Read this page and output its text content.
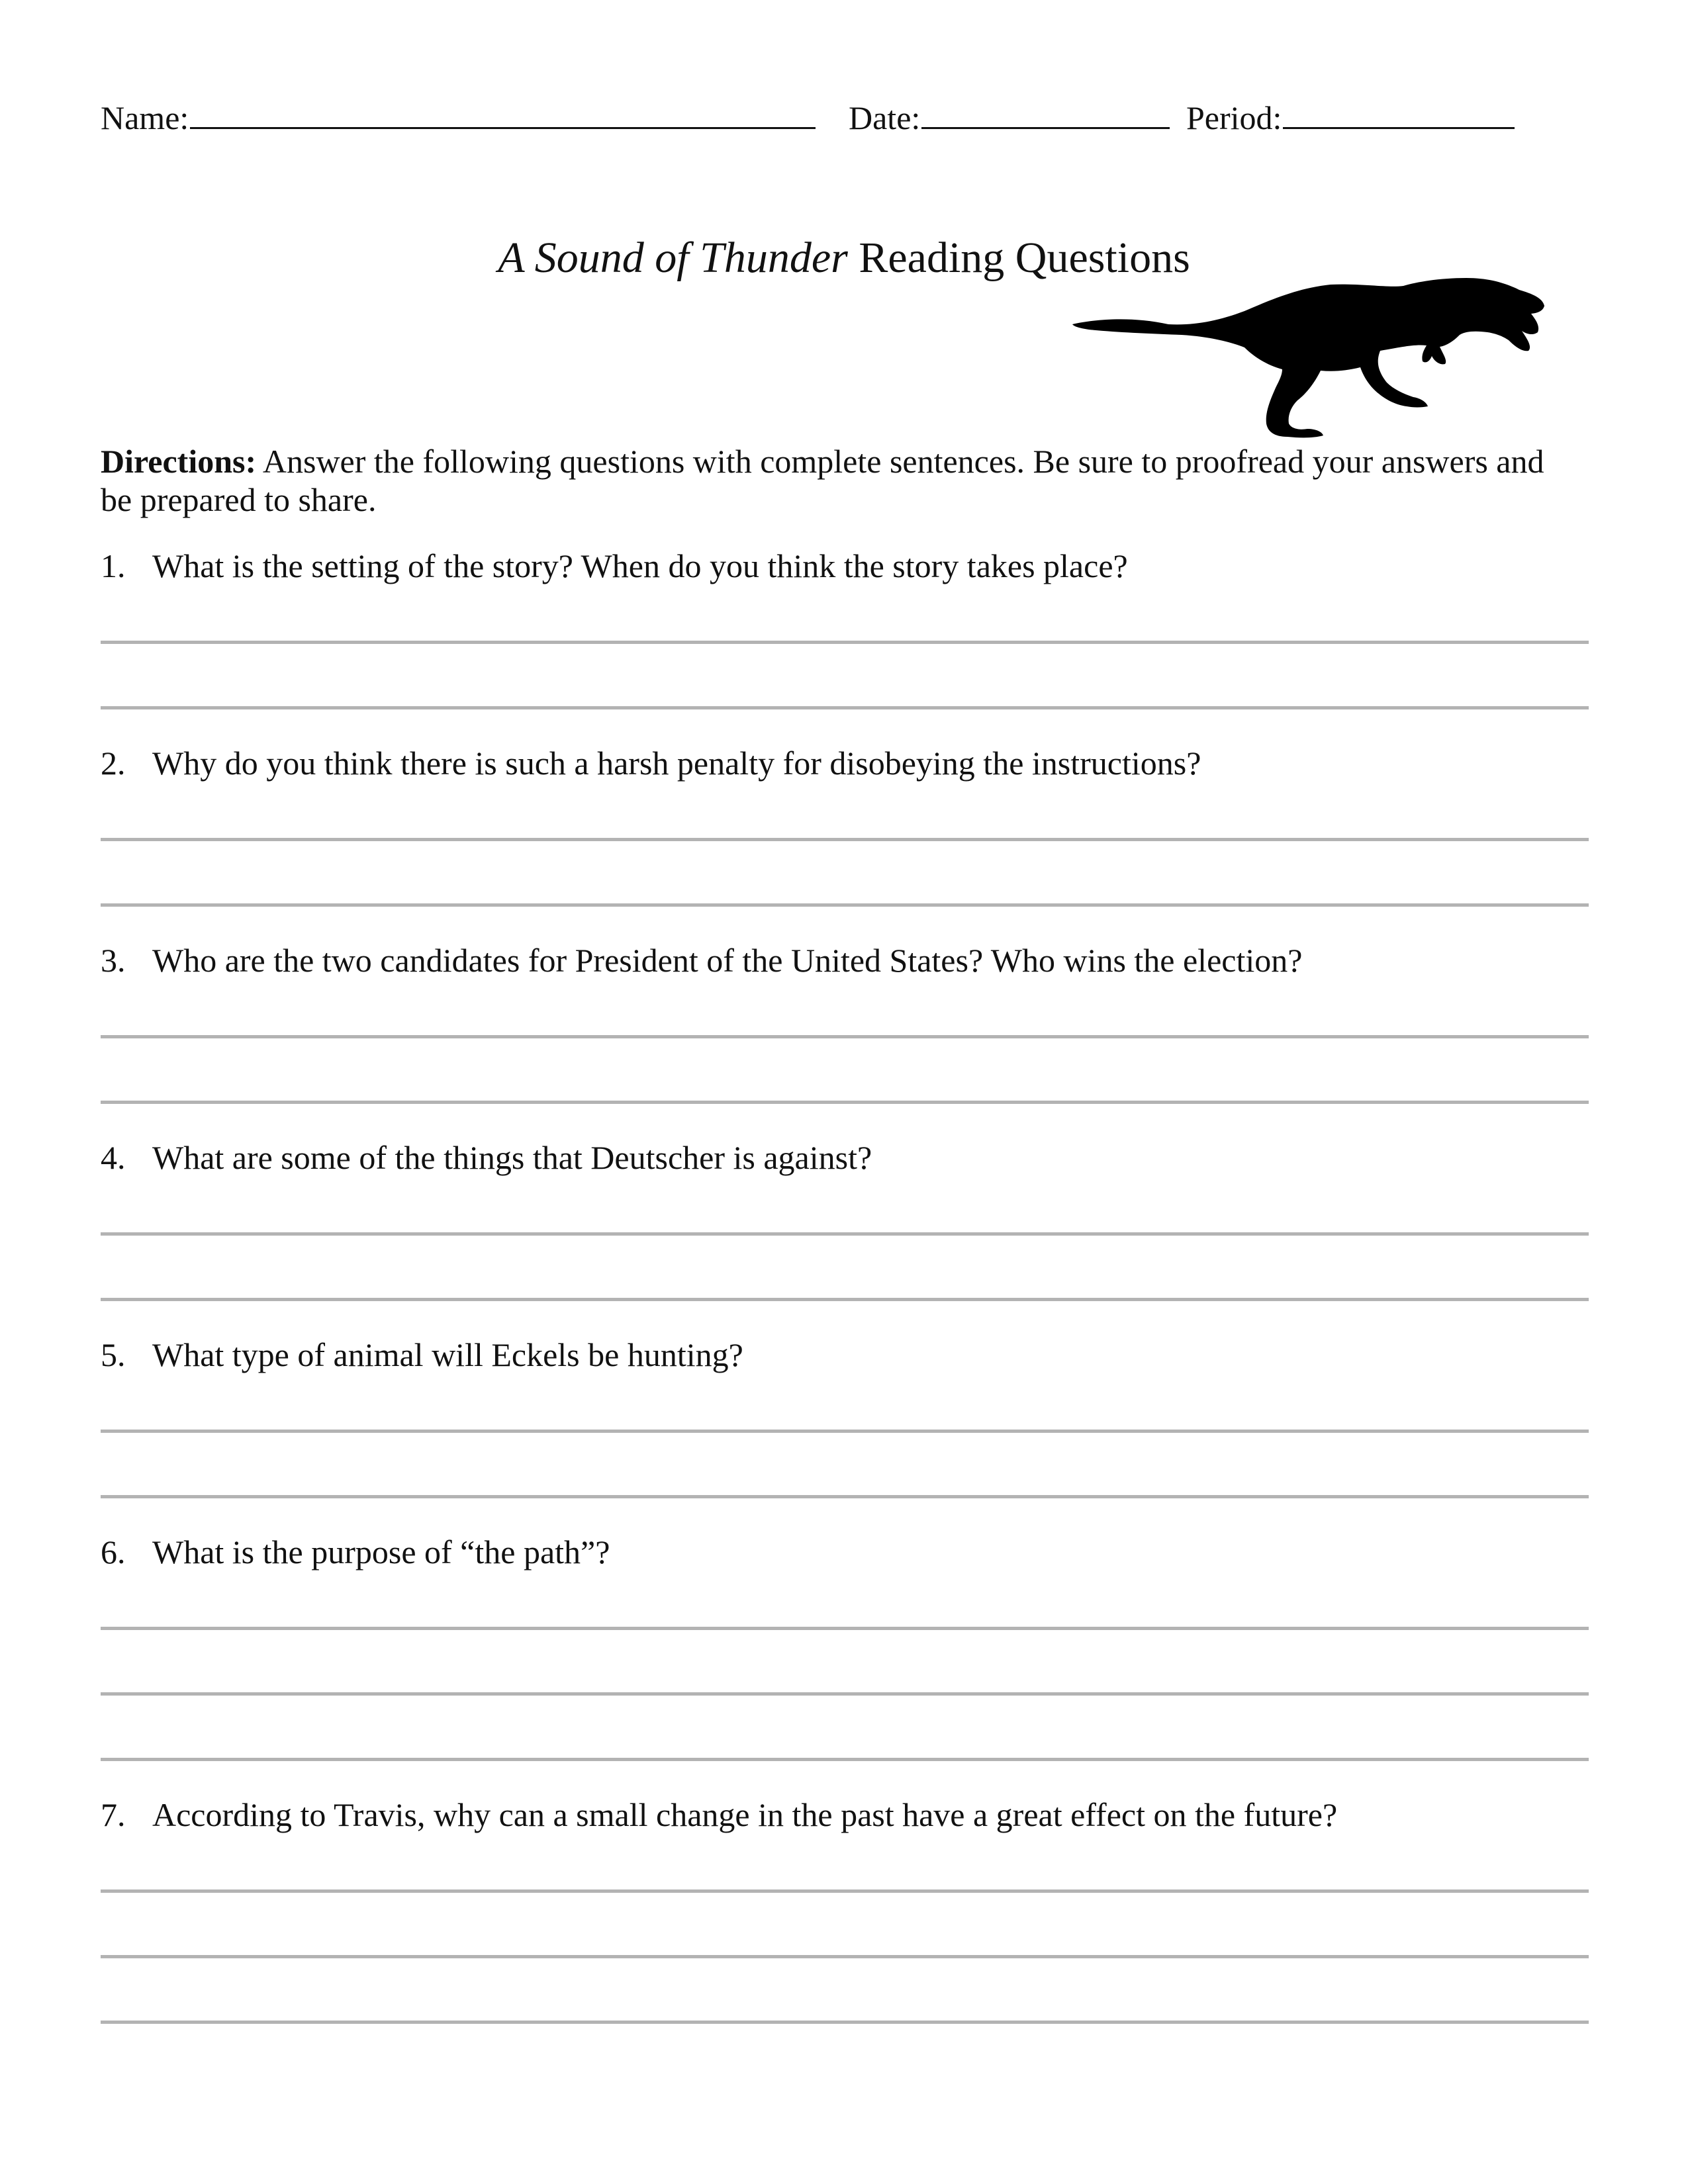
Name:	Date:	Period:
A Sound of Thunder Reading Questions
Directions: Answer the following questions with complete sentences. Be sure to proofread your answers and be prepared to share.
1. What is the setting of the story? When do you think the story takes place?
2. Why do you think there is such a harsh penalty for disobeying the instructions?
3. Who are the two candidates for President of the United States? Who wins the election?
4. What are some of the things that Deutscher is against?
5. What type of animal will Eckels be hunting?
6. What is the purpose of “the path”?
7. According to Travis, why can a small change in the past have a great effect on the future?
